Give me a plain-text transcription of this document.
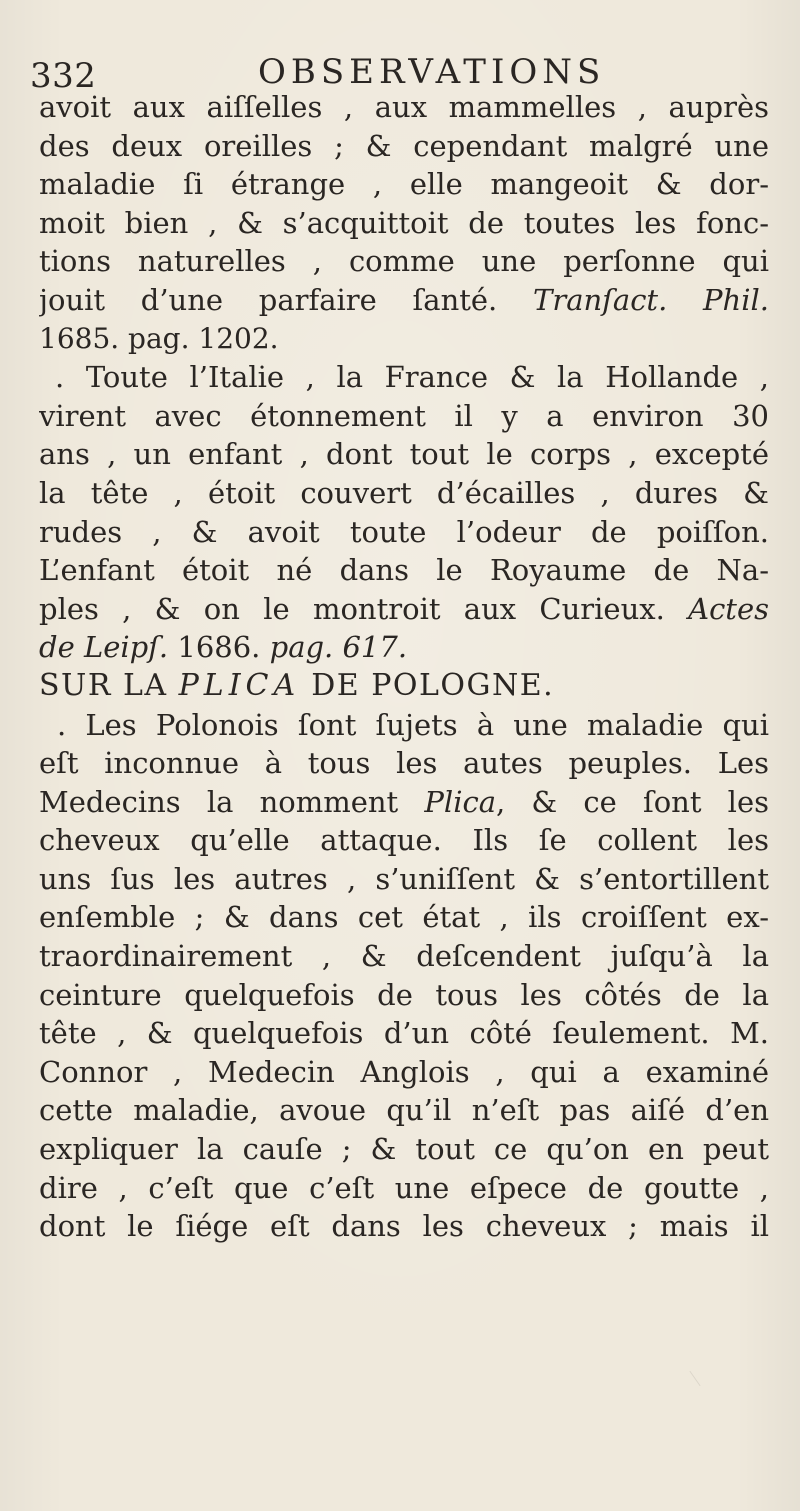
332	OBSERVATIONS
avoit aux aiſſelles , aux mammelles , auprès
des deux oreilles ; & cependant malgré une
maladie ſi étrange , elle mangeoit & dor-
moit bien , & s’acquittoit de toutes les fonc-
tions naturelles , comme une perſonne qui
jouit d’une parfaire ſanté. Tranſact. Phil.
1685. pag. 1202.
. Toute l’Italie , la France & la Hollande ,
virent avec étonnement il y a environ 30
ans , un enfant , dont tout le corps , excepté
la tête , étoit couvert d’écailles , dures &
rudes , & avoit toute l’odeur de poiſſon.
L’enfant étoit né dans le Royaume de Na-
ples , & on le montroit aux Curieux. Actes
de Leipſ. 1686. pag. 617.
SUR LA PLICA DE POLOGNE.
. Les Polonois ſont ſujets à une maladie qui
eſt inconnue à tous les autes peuples. Les
Medecins la nomment Plica, & ce ſont les
cheveux qu’elle attaque. Ils ſe collent les
uns ſus les autres , s’uniſſent & s’entortillent
enſemble ; & dans cet état , ils croiſſent ex-
traordinairement , & deſcendent juſqu’à la
ceinture quelquefois de tous les côtés de la
tête , & quelquefois d’un côté ſeulement. M.
Connor , Medecin Anglois , qui a examiné
cette maladie, avoue qu’il n’eſt pas aiſé d’en
expliquer la cauſe ; & tout ce qu’on en peut
dire , c’eſt que c’eſt une eſpece de goutte ,
dont le ſiége eſt dans les cheveux ; mais il
